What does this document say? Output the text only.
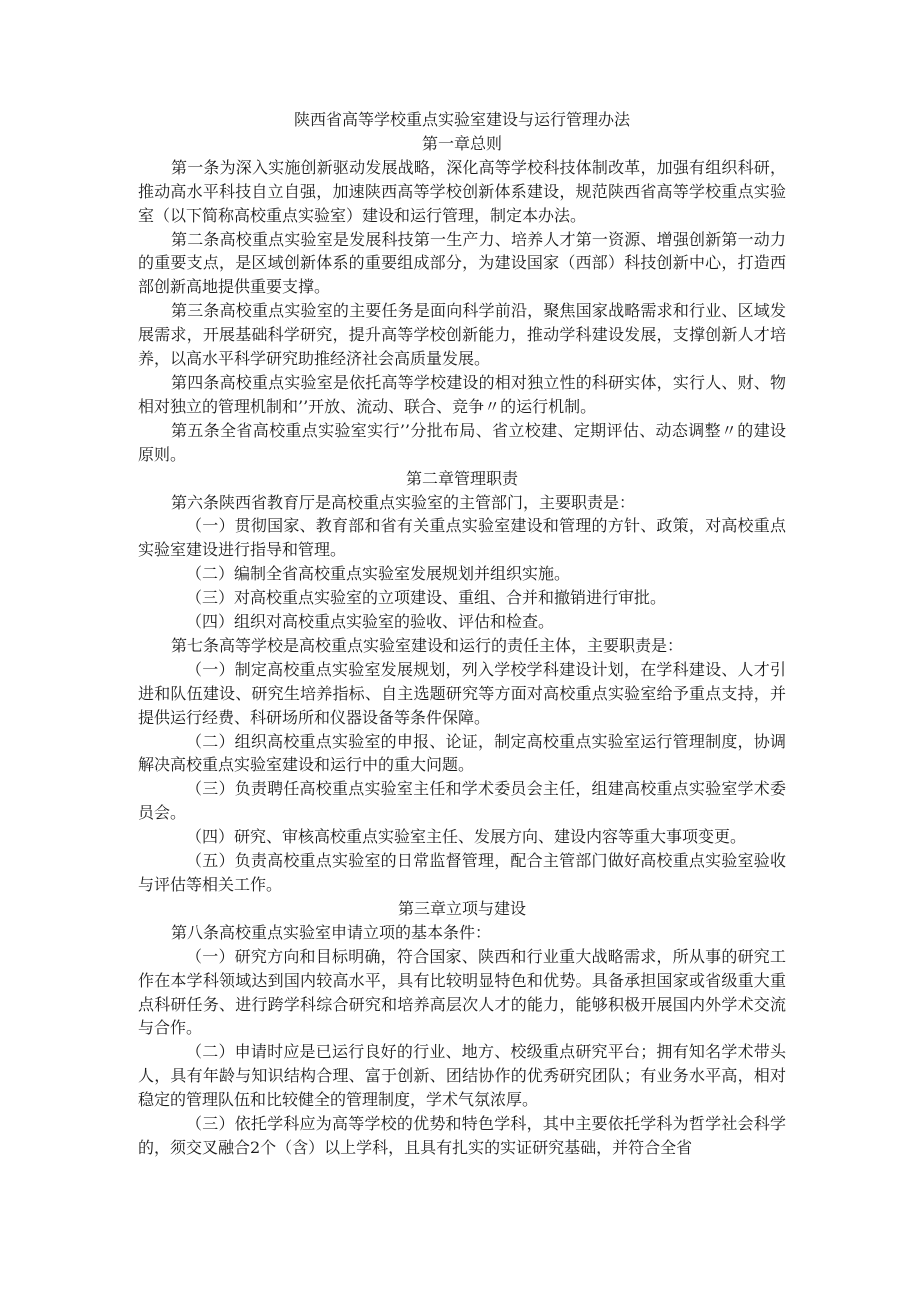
陕西省高等学校重点实验室建设与运行管理办法

第一章总则

第一条为深入实施创新驱动发展战略，深化高等学校科技体制改革，加强有组织科研，推动高水平科技自立自强，加速陕西高等学校创新体系建设，规范陕西省高等学校重点实验室（以下简称高校重点实验室）建设和运行管理，制定本办法。

第二条高校重点实验室是发展科技第一生产力、培养人才第一资源、增强创新第一动力的重要支点，是区域创新体系的重要组成部分，为建设国家（西部）科技创新中心，打造西部创新高地提供重要支撑。

第三条高校重点实验室的主要任务是面向科学前沿，聚焦国家战略需求和行业、区域发展需求，开展基础科学研究，提升高等学校创新能力，推动学科建设发展，支撑创新人才培养，以高水平科学研究助推经济社会高质量发展。

第四条高校重点实验室是依托高等学校建设的相对独立性的科研实体，实行人、财、物相对独立的管理机制和’’开放、流动、联合、竞争〃的运行机制。

第五条全省高校重点实验室实行’’分批布局、省立校建、定期评估、动态调整〃的建设原则。

第二章管理职责

第六条陕西省教育厅是高校重点实验室的主管部门，主要职责是：

（一）贯彻国家、教育部和省有关重点实验室建设和管理的方针、政策，对高校重点实验室建设进行指导和管理。

（二）编制全省高校重点实验室发展规划并组织实施。

（三）对高校重点实验室的立项建设、重组、合并和撤销进行审批。

（四）组织对高校重点实验室的验收、评估和检查。

第七条高等学校是高校重点实验室建设和运行的责任主体，主要职责是：

（一）制定高校重点实验室发展规划，列入学校学科建设计划，在学科建设、人才引进和队伍建设、研究生培养指标、自主选题研究等方面对高校重点实验室给予重点支持，并提供运行经费、科研场所和仪器设备等条件保障。

（二）组织高校重点实验室的申报、论证，制定高校重点实验室运行管理制度，协调解决高校重点实验室建设和运行中的重大问题。

（三）负责聘任高校重点实验室主任和学术委员会主任，组建高校重点实验室学术委员会。

（四）研究、审核高校重点实验室主任、发展方向、建设内容等重大事项变更。

（五）负责高校重点实验室的日常监督管理，配合主管部门做好高校重点实验室验收与评估等相关工作。

第三章立项与建设

第八条高校重点实验室申请立项的基本条件：

（一）研究方向和目标明确，符合国家、陕西和行业重大战略需求，所从事的研究工作在本学科领域达到国内较高水平，具有比较明显特色和优势。具备承担国家或省级重大重点科研任务、进行跨学科综合研究和培养高层次人才的能力，能够积极开展国内外学术交流与合作。

（二）申请时应是已运行良好的行业、地方、校级重点研究平台；拥有知名学术带头人，具有年龄与知识结构合理、富于创新、团结协作的优秀研究团队；有业务水平高，相对稳定的管理队伍和比较健全的管理制度，学术气氛浓厚。

（三）依托学科应为高等学校的优势和特色学科，其中主要依托学科为哲学社会科学的，须交叉融合2个（含）以上学科，且具有扎实的实证研究基础，并符合全省
